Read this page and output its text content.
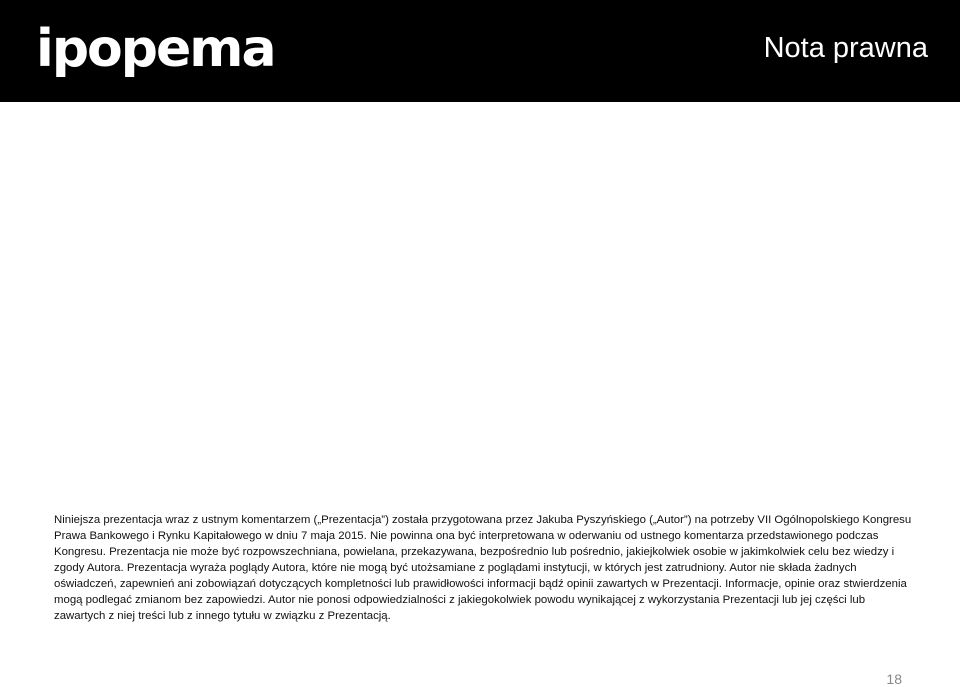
ipopema	Nota prawna

Niniejsza prezentacja wraz z ustnym komentarzem („Prezentacja”) została przygotowana przez Jakuba Pyszyńskiego („Autor”) na potrzeby VII Ogólnopolskiego Kongresu Prawa Bankowego i Rynku Kapitałowego w dniu 7 maja 2015. Nie powinna ona być interpretowana w oderwaniu od ustnego komentarza przedstawionego podczas Kongresu. Prezentacja nie może być rozpowszechniana, powielana, przekazywana, bezpośrednio lub pośrednio, jakiejkolwiek osobie w jakimkolwiek celu bez wiedzy i zgody Autora. Prezentacja wyraża poglądy Autora, które nie mogą być utożsamiane z poglądami instytucji, w których jest zatrudniony. Autor nie składa żadnych oświadczeń, zapewnień ani zobowiązań dotyczących kompletności lub prawidłowości informacji bądź opinii zawartych w Prezentacji. Informacje, opinie oraz stwierdzenia mogą podlegać zmianom bez zapowiedzi. Autor nie ponosi odpowiedzialności z jakiegokolwiek powodu wynikającej z wykorzystania Prezentacji lub jej części lub zawartych z niej treści lub z innego tytułu w związku z Prezentacją.

18
